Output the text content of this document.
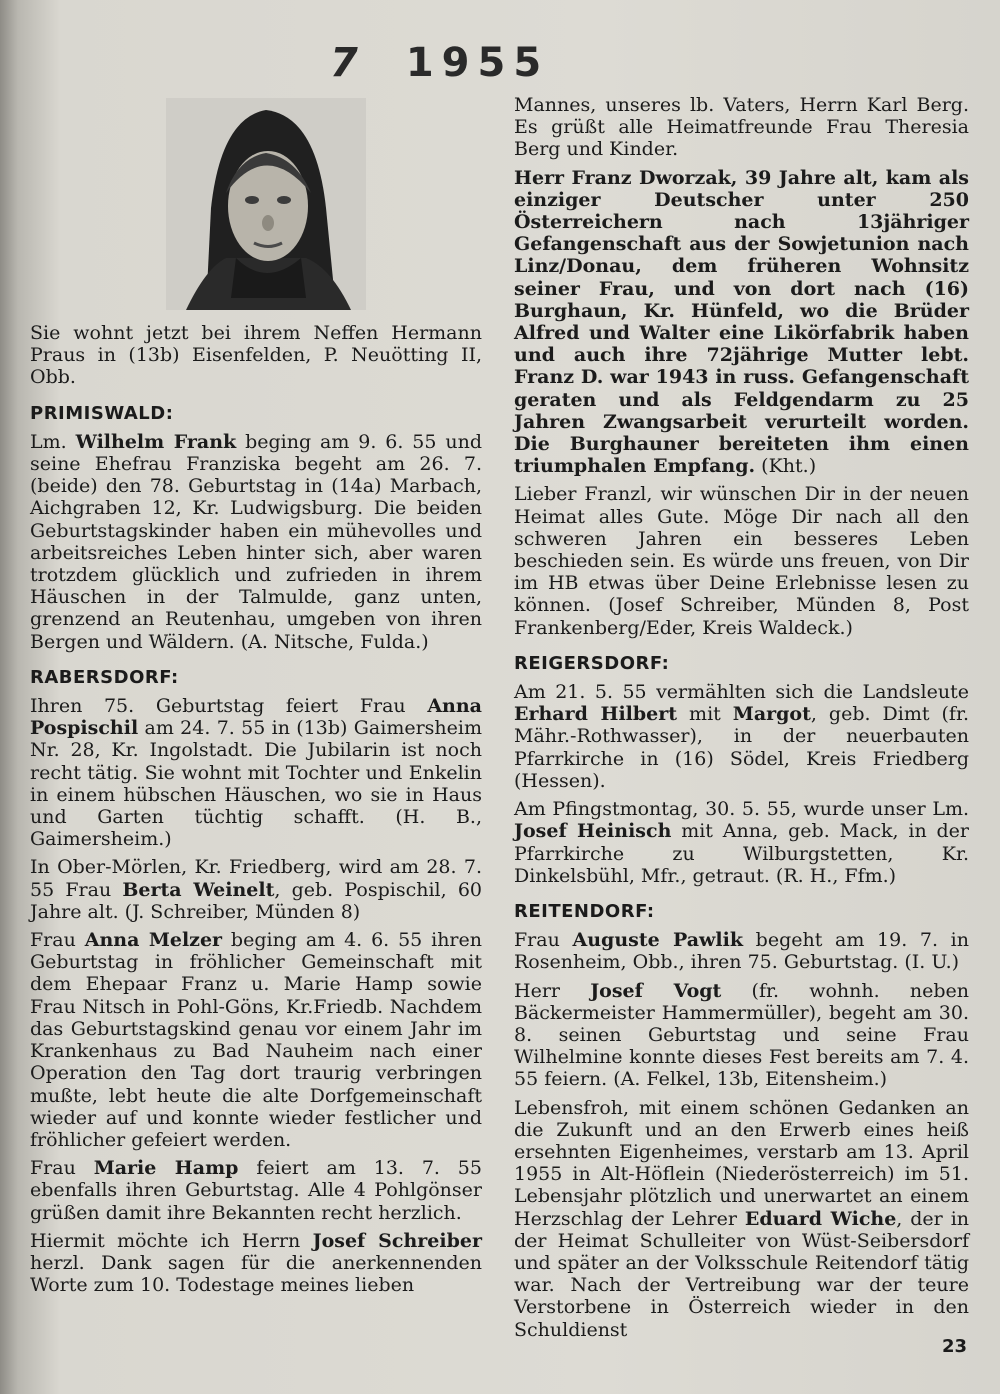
7 1955

Sie wohnt jetzt bei ihrem Neffen Hermann Praus in (13b) Eisenfelden, P. Neuötting II, Obb.

PRIMISWALD:

Lm. Wilhelm Frank beging am 9. 6. 55 und seine Ehefrau Franziska begeht am 26. 7. (beide) den 78. Geburtstag in (14a) Marbach, Aichgraben 12, Kr. Ludwigsburg. Die beiden Geburtstagskinder haben ein mühevolles und arbeitsreiches Leben hinter sich, aber waren trotzdem glücklich und zufrieden in ihrem Häuschen in der Talmulde, ganz unten, grenzend an Reutenhau, umgeben von ihren Bergen und Wäldern. (A. Nitsche, Fulda.)

RABERSDORF:

Ihren 75. Geburtstag feiert Frau Anna Pospischil am 24. 7. 55 in (13b) Gaimersheim Nr. 28, Kr. Ingolstadt. Die Jubilarin ist noch recht tätig. Sie wohnt mit Tochter und Enkelin in einem hübschen Häuschen, wo sie in Haus und Garten tüchtig schafft. (H. B., Gaimersheim.)

In Ober-Mörlen, Kr. Friedberg, wird am 28. 7. 55 Frau Berta Weinelt, geb. Pospischil, 60 Jahre alt. (J. Schreiber, Münden 8)

Frau Anna Melzer beging am 4. 6. 55 ihren Geburtstag in fröhlicher Gemeinschaft mit dem Ehepaar Franz u. Marie Hamp sowie Frau Nitsch in Pohl-Göns, Kr.Friedb. Nachdem das Geburtstagskind genau vor einem Jahr im Krankenhaus zu Bad Nauheim nach einer Operation den Tag dort traurig verbringen mußte, lebt heute die alte Dorfgemeinschaft wieder auf und konnte wieder festlicher und fröhlicher gefeiert werden.

Frau Marie Hamp feiert am 13. 7. 55 ebenfalls ihren Geburtstag. Alle 4 Pohlgönser grüßen damit ihre Bekannten recht herzlich.

Hiermit möchte ich Herrn Josef Schreiber herzl. Dank sagen für die anerkennenden Worte zum 10. Todestage meines lieben

Mannes, unseres lb. Vaters, Herrn Karl Berg. Es grüßt alle Heimatfreunde Frau Theresia Berg und Kinder.

Herr Franz Dworzak, 39 Jahre alt, kam als einziger Deutscher unter 250 Österreichern nach 13jähriger Gefangenschaft aus der Sowjetunion nach Linz/Donau, dem früheren Wohnsitz seiner Frau, und von dort nach (16) Burghaun, Kr. Hünfeld, wo die Brüder Alfred und Walter eine Likörfabrik haben und auch ihre 72jährige Mutter lebt. Franz D. war 1943 in russ. Gefangenschaft geraten und als Feldgendarm zu 25 Jahren Zwangsarbeit verurteilt worden. Die Burghauner bereiteten ihm einen triumphalen Empfang. (Kht.)

Lieber Franzl, wir wünschen Dir in der neuen Heimat alles Gute. Möge Dir nach all den schweren Jahren ein besseres Leben beschieden sein. Es würde uns freuen, von Dir im HB etwas über Deine Erlebnisse lesen zu können. (Josef Schreiber, Münden 8, Post Frankenberg/Eder, Kreis Waldeck.)

REIGERSDORF:

Am 21. 5. 55 vermählten sich die Landsleute Erhard Hilbert mit Margot, geb. Dimt (fr. Mähr.-Rothwasser), in der neuerbauten Pfarrkirche in (16) Södel, Kreis Friedberg (Hessen).

Am Pfingstmontag, 30. 5. 55, wurde unser Lm. Josef Heinisch mit Anna, geb. Mack, in der Pfarrkirche zu Wilburgstetten, Kr. Dinkelsbühl, Mfr., getraut. (R. H., Ffm.)

REITENDORF:

Frau Auguste Pawlik begeht am 19. 7. in Rosenheim, Obb., ihren 75. Geburtstag. (I. U.)

Herr Josef Vogt (fr. wohnh. neben Bäckermeister Hammermüller), begeht am 30. 8. seinen Geburtstag und seine Frau Wilhelmine konnte dieses Fest bereits am 7. 4. 55 feiern. (A. Felkel, 13b, Eitensheim.)

Lebensfroh, mit einem schönen Gedanken an die Zukunft und an den Erwerb eines heiß ersehnten Eigenheimes, verstarb am 13. April 1955 in Alt-Höflein (Niederösterreich) im 51. Lebensjahr plötzlich und unerwartet an einem Herzschlag der Lehrer Eduard Wiche, der in der Heimat Schulleiter von Wüst-Seibersdorf und später an der Volksschule Reitendorf tätig war. Nach der Vertreibung war der teure Verstorbene in Österreich wieder in den Schuldienst

23
